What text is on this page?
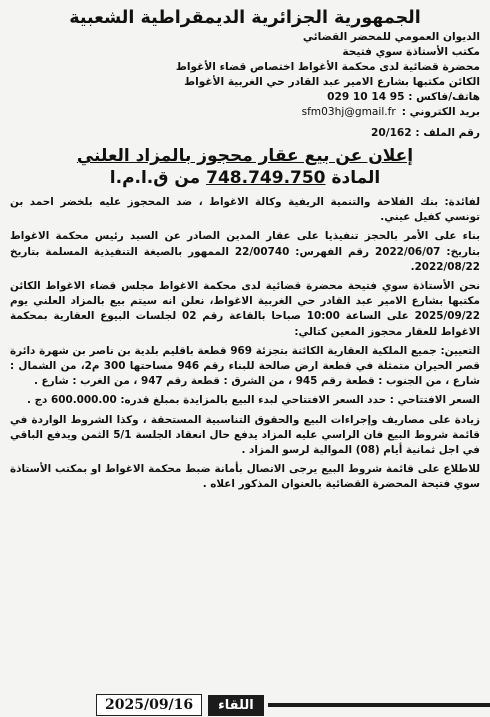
الجمهورية الجزائرية الديمقراطية الشعبية
الديوان العمومي للمحضر القضائي
مكتب الأستاذة سوي فتيحة
محضرة قضائية لدى محكمة الأغواط اختصاص قضاء الأغواط
الكائن مكتبها بشارع الامير عبد القادر حي الغربية الأغواط
هاتف/فاكس : 029 10 14 95
بريد الكتروني :
sfm03hj@gmail.fr
رقم الملف : 20/162
إعلان عن بيع عقار محجوز بالمزاد العلني
المادة 748.749.750 من ق.ا.م.ا

لفائدة: بنك الفلاحة والتنمية الريفية وكالة الاغواط ، ضد المحجوز عليه بلخضر احمد بن تونسي كفيل عيني.

بناء على الأمر بالحجز تنفيذيا على عقار المدين الصادر عن السيد رئيس محكمة الاغواط بتاريخ: 2022/06/07 رقم الفهرس: 22/00740 الممهور بالصيغة التنفيذية المسلمة بتاريخ 2022/08/22.

نحن الأستاذة سوي فتيحة محضرة قضائية لدى محكمة الاغواط مجلس قضاء الاغواط الكائن مكتبها بشارع الامير عبد القادر حي الغربية الاغواط، نعلن انه سيتم بيع بالمزاد العلني يوم 2025/09/22 على الساعة 10:00 صباحا بالقاعة رقم 02 لجلسات البيوع العقارية بمحكمة الاغواط للعقار محجوز المعين كتالي:

التعيين: جميع الملكية العقارية الكائنة بتجزئة 969 قطعة باقليم بلدية بن ناصر بن شهرة دائرة قصر الحيران متمثلة في قطعة ارض صالحة للبناء رقم 946 مساحتها 300 م2، من الشمال : شارع ، من الجنوب : قطعة رقم 945 ، من الشرق : قطعة رقم 947 ، من الغرب : شارع .

السعر الافتتاحي : حدد السعر الافتتاحي لبدء البيع بالمزايدة بمبلغ قدره: 600.000.00 دج .

زيادة على مصاريف وإجراءات البيع والحقوق التناسبية المستحقة ، وكذا الشروط الواردة في قائمة شروط البيع فان الراسي عليه المزاد يدفع حال انعقاد الجلسة 5/1 الثمن ويدفع الباقي في اجل ثمانية أيام (08) الموالية لرسو المزاد .

للاطلاع على قائمة شروط البيع يرجى الاتصال بأمانة ضبط محكمة الاغواط او بمكتب الأستاذة سوي فتيحة المحضرة القضائية بالعنوان المذكور اعلاه .

2025/09/16	اللقاء
